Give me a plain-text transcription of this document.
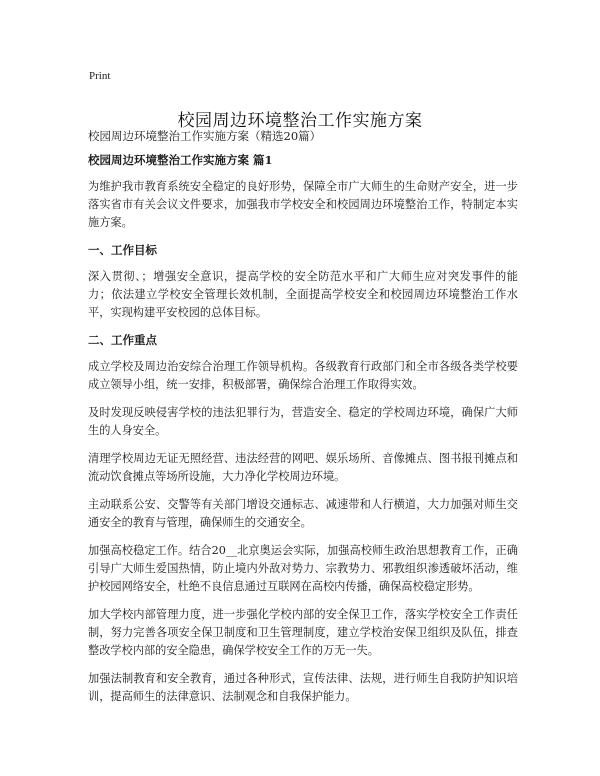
Print
校园周边环境整治工作实施方案

校园周边环境整治工作实施方案（精选20篇）

校园周边环境整治工作实施方案 篇1

为维护我市教育系统安全稳定的良好形势，保障全市广大师生的生命财产安全，进一步落实省市有关会议文件要求，加强我市学校安全和校园周边环境整治工作，特制定本实施方案。

一、工作目标

深入贯彻、；增强安全意识，提高学校的安全防范水平和广大师生应对突发事件的能力；依法建立学校安全管理长效机制，全面提高学校安全和校园周边环境整治工作水平，实现构建平安校园的总体目标。

二、工作重点

成立学校及周边治安综合治理工作领导机构。各级教育行政部门和全市各级各类学校要成立领导小组，统一安排，积极部署，确保综合治理工作取得实效。

及时发现反映侵害学校的违法犯罪行为，营造安全、稳定的学校周边环境，确保广大师生的人身安全。

清理学校周边无证无照经营、违法经营的网吧、娱乐场所、音像摊点、图书报刊摊点和流动饮食摊点等场所设施，大力净化学校周边环境。

主动联系公安、交警等有关部门增设交通标志、减速带和人行横道，大力加强对师生交通安全的教育与管理，确保师生的交通安全。

加强高校稳定工作。结合20__北京奥运会实际，加强高校师生政治思想教育工作，正确引导广大师生爱国热情，防止境内外敌对势力、宗教势力、邪教组织渗透破坏活动，维护校园网络安全，杜绝不良信息通过互联网在高校内传播，确保高校稳定形势。

加大学校内部管理力度，进一步强化学校内部的安全保卫工作，落实学校安全工作责任制，努力完善各项安全保卫制度和卫生管理制度，建立学校治安保卫组织及队伍，排查整改学校内部的安全隐患，确保学校安全工作的万无一失。

加强法制教育和安全教育，通过各种形式，宣传法律、法规，进行师生自我防护知识培训，提高师生的法律意识、法制观念和自我保护能力。
